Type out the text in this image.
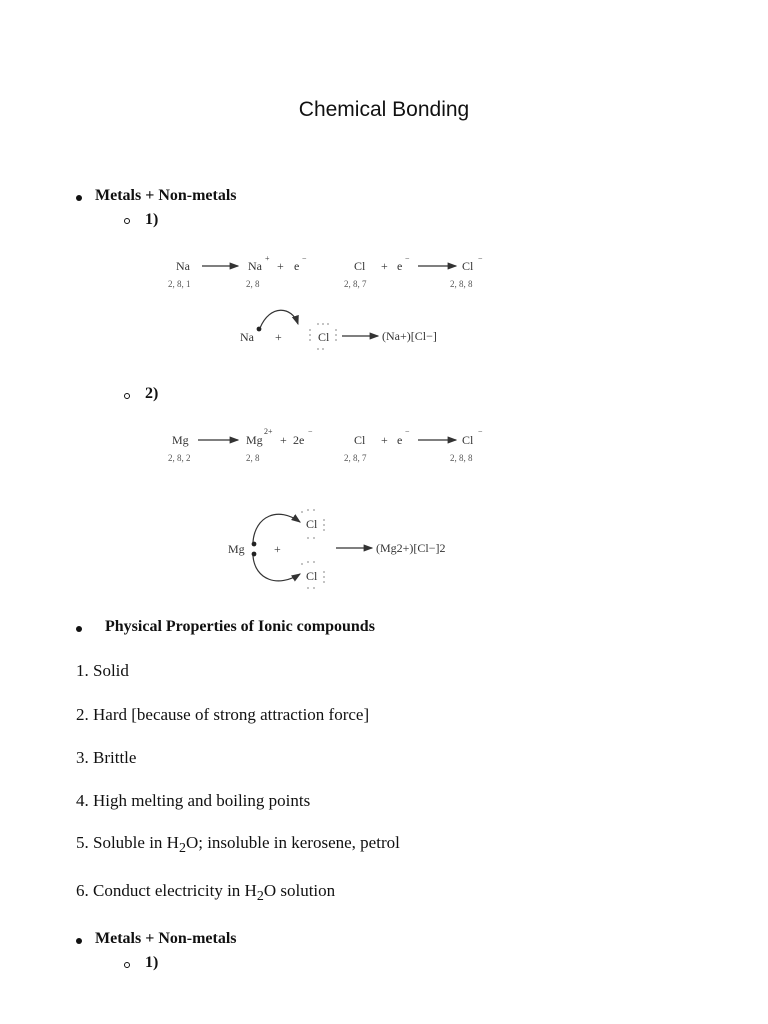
Chemical Bonding
Metals + Non-metals
1)
Na
2, 8, 1
Na
+
+ e
−
2, 8
Cl
2, 8, 7
+ e
−
Cl
−
2, 8, 8
Na +	Cl	(Na+)[Cl−]
2)
Mg
2, 8, 2
Mg
2+
+ 2e
−
2, 8
Cl
2, 8, 7
+ e
−
Cl
−
2, 8, 8
Mg +
Cl
Cl
(Mg2+)[Cl−]2
Physical Properties of Ionic compounds
1. Solid
2. Hard [because of strong attraction force]
3. Brittle
4. High melting and boiling points
5. Soluble in $H_2O$; insoluble in kerosene, petrol
6. Conduct electricity in $H_2O$ solution
Metals + Non-metals
1)
